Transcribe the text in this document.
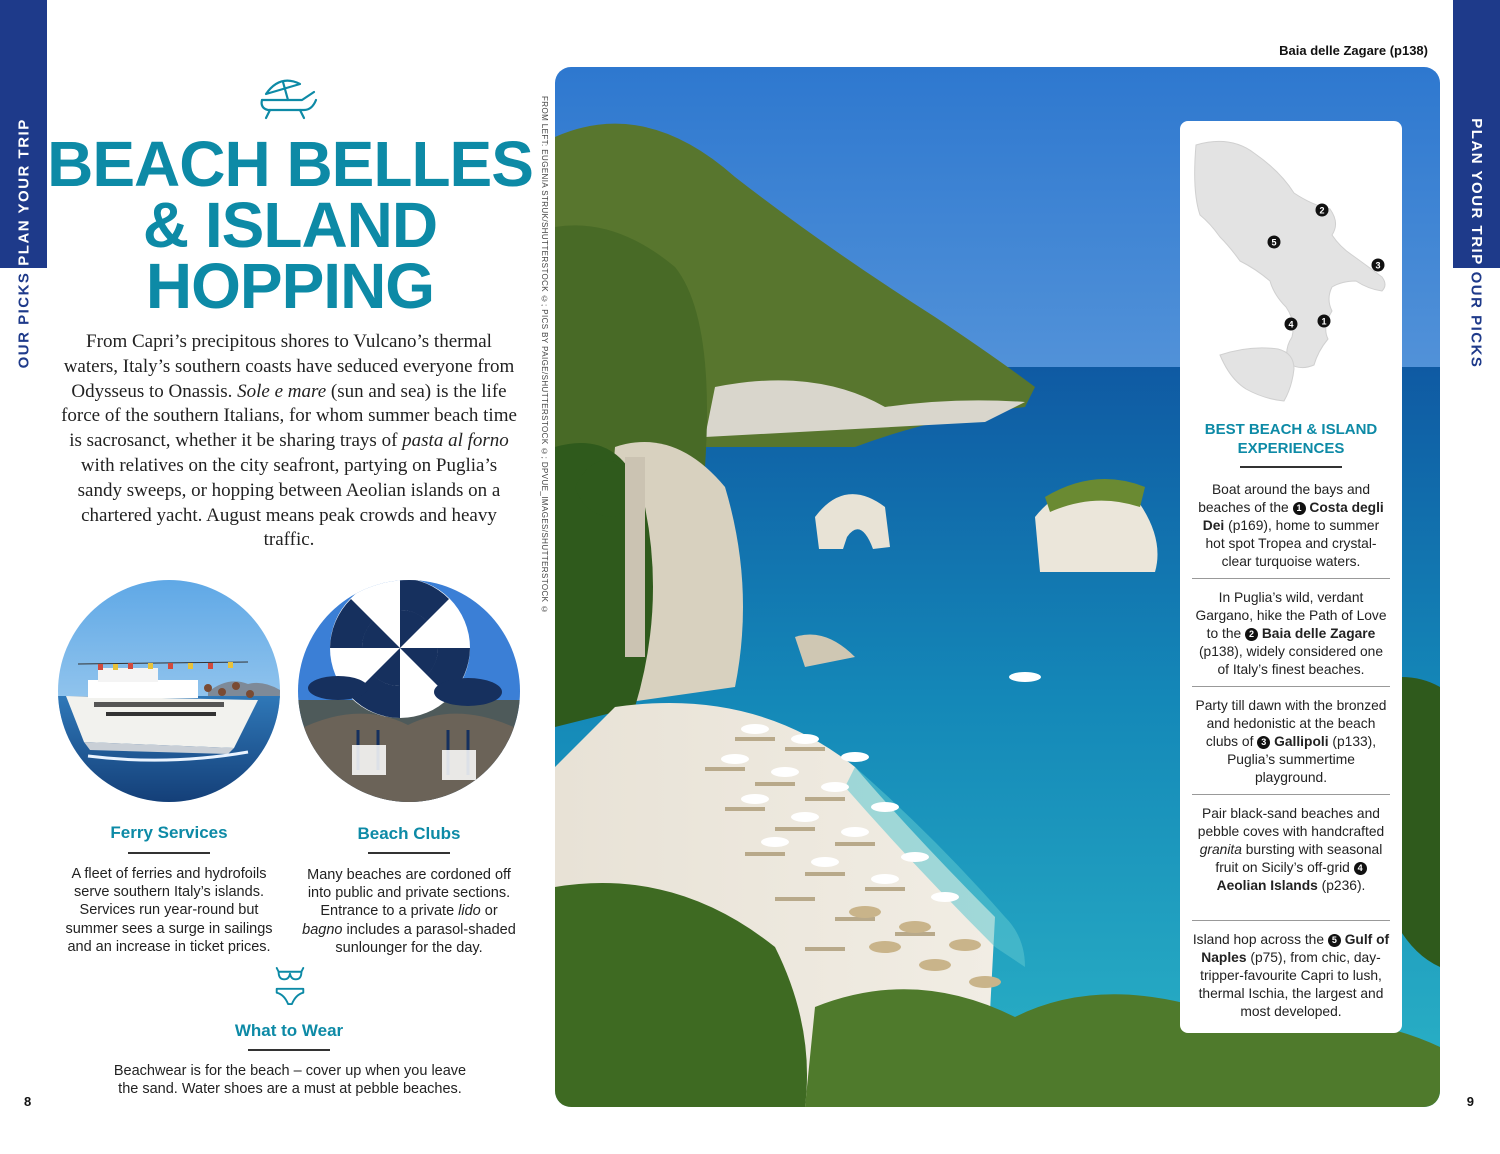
PLAN YOUR TRIP
OUR PICKS
PLAN YOUR TRIP
OUR PICKS
BEACH BELLES
& ISLAND
HOPPING

From Capri’s precipitous shores to Vulcano’s thermal waters, Italy’s southern coasts have seduced everyone from Odysseus to Onassis. Sole e mare (sun and sea) is the life force of the southern Italians, for whom summer beach time is sacrosanct, whether it be sharing trays of pasta al forno with relatives on the city seafront, partying on Puglia’s sandy sweeps, or hopping between Aeolian islands on a chartered yacht. August means peak crowds and heavy traffic.

Ferry Services
A fleet of ferries and hydrofoils serve southern Italy’s islands. Services run year-round but summer sees a surge in sailings and an increase in ticket prices.
Beach Clubs
Many beaches are cordoned off into public and private sections. Entrance to a private lido or bagno includes a parasol-shaded sunlounger for the day.
What to Wear
Beachwear is for the beach – cover up when you leave the sand. Water shoes are a must at pebble beaches.
FROM LEFT: EUGENIA STRUK/SHUTTERSTOCK ©; PICS BY PAIGE/SHUTTERSTOCK ©; DPVUE_IMAGES/SHUTTERSTOCK ©
Baia delle Zagare (p138)
2
5
3
1
4
BEST BEACH & ISLAND
EXPERIENCES
Boat around the bays and beaches of the 1 Costa degli Dei (p169), home to summer hot spot Tropea and crystal-clear turquoise waters.
In Puglia’s wild, verdant Gargano, hike the Path of Love to the 2 Baia delle Zagare (p138), widely considered one of Italy’s finest beaches.
Party till dawn with the bronzed and hedonistic at the beach clubs of 3 Gallipoli (p133), Puglia’s summertime playground.
Pair black-sand beaches and pebble coves with handcrafted granita bursting with seasonal fruit on Sicily’s off-grid 4 Aeolian Islands (p236).
Island hop across the 5 Gulf of Naples (p75), from chic, day-tripper-favourite Capri to lush, thermal Ischia, the largest and most developed.
8	9
